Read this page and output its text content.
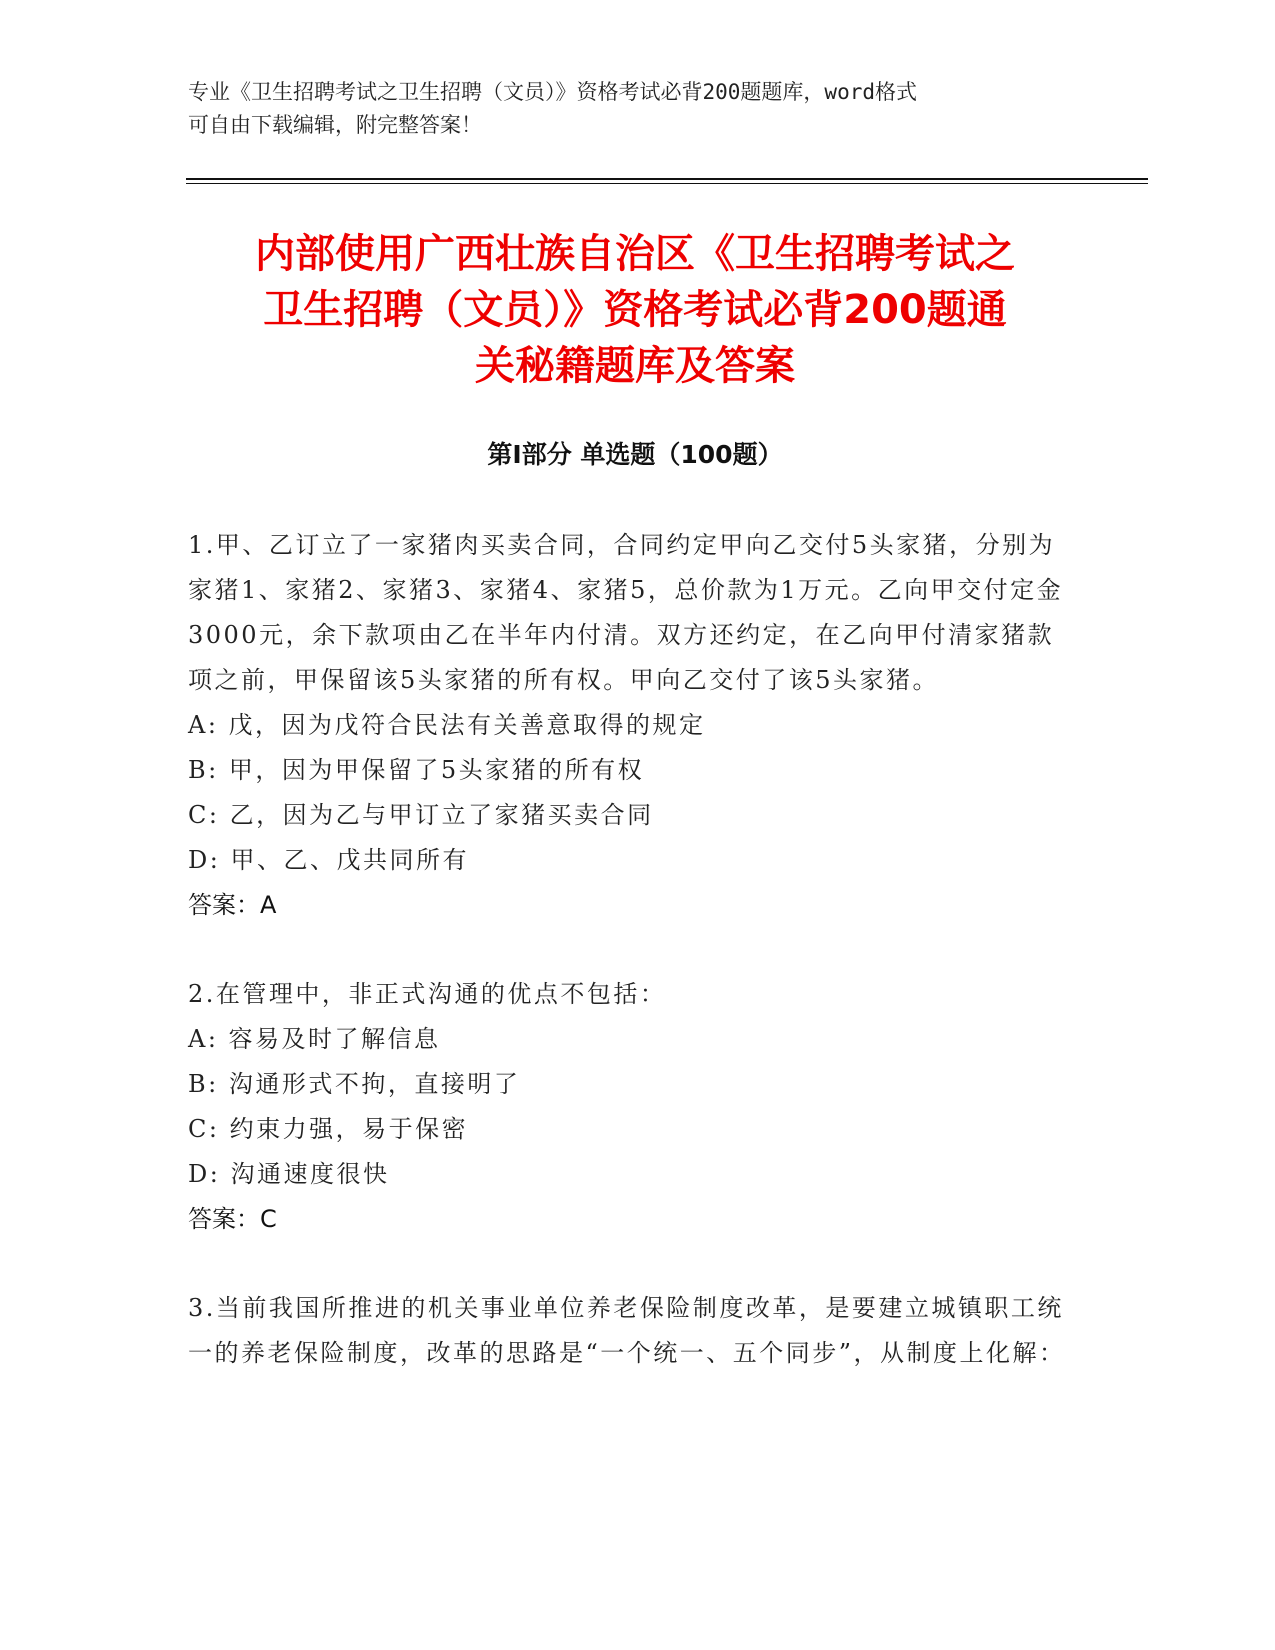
专业《卫生招聘考试之卫生招聘（文员）》资格考试必背200题题库，word格式
可自由下载编辑，附完整答案！
内部使用广西壮族自治区《卫生招聘考试之
卫生招聘（文员）》资格考试必背200题通
关秘籍题库及答案
第Ⅰ部分 单选题（100题）
1.甲、乙订立了一家猪肉买卖合同，合同约定甲向乙交付5头家猪，分别为家猪1、家猪2、家猪3、家猪4、家猪5，总价款为1万元。乙向甲交付定金3000元，余下款项由乙在半年内付清。双方还约定，在乙向甲付清家猪款项之前，甲保留该5头家猪的所有权。甲向乙交付了该5头家猪。
A: 戊，因为戊符合民法有关善意取得的规定
B: 甲，因为甲保留了5头家猪的所有权
C: 乙，因为乙与甲订立了家猪买卖合同
D: 甲、乙、戊共同所有
答案：A
2.在管理中，非正式沟通的优点不包括：
A: 容易及时了解信息
B: 沟通形式不拘，直接明了
C: 约束力强，易于保密
D: 沟通速度很快
答案：C
3.当前我国所推进的机关事业单位养老保险制度改革，是要建立城镇职工统一的养老保险制度，改革的思路是“一个统一、五个同步”，从制度上化解：
